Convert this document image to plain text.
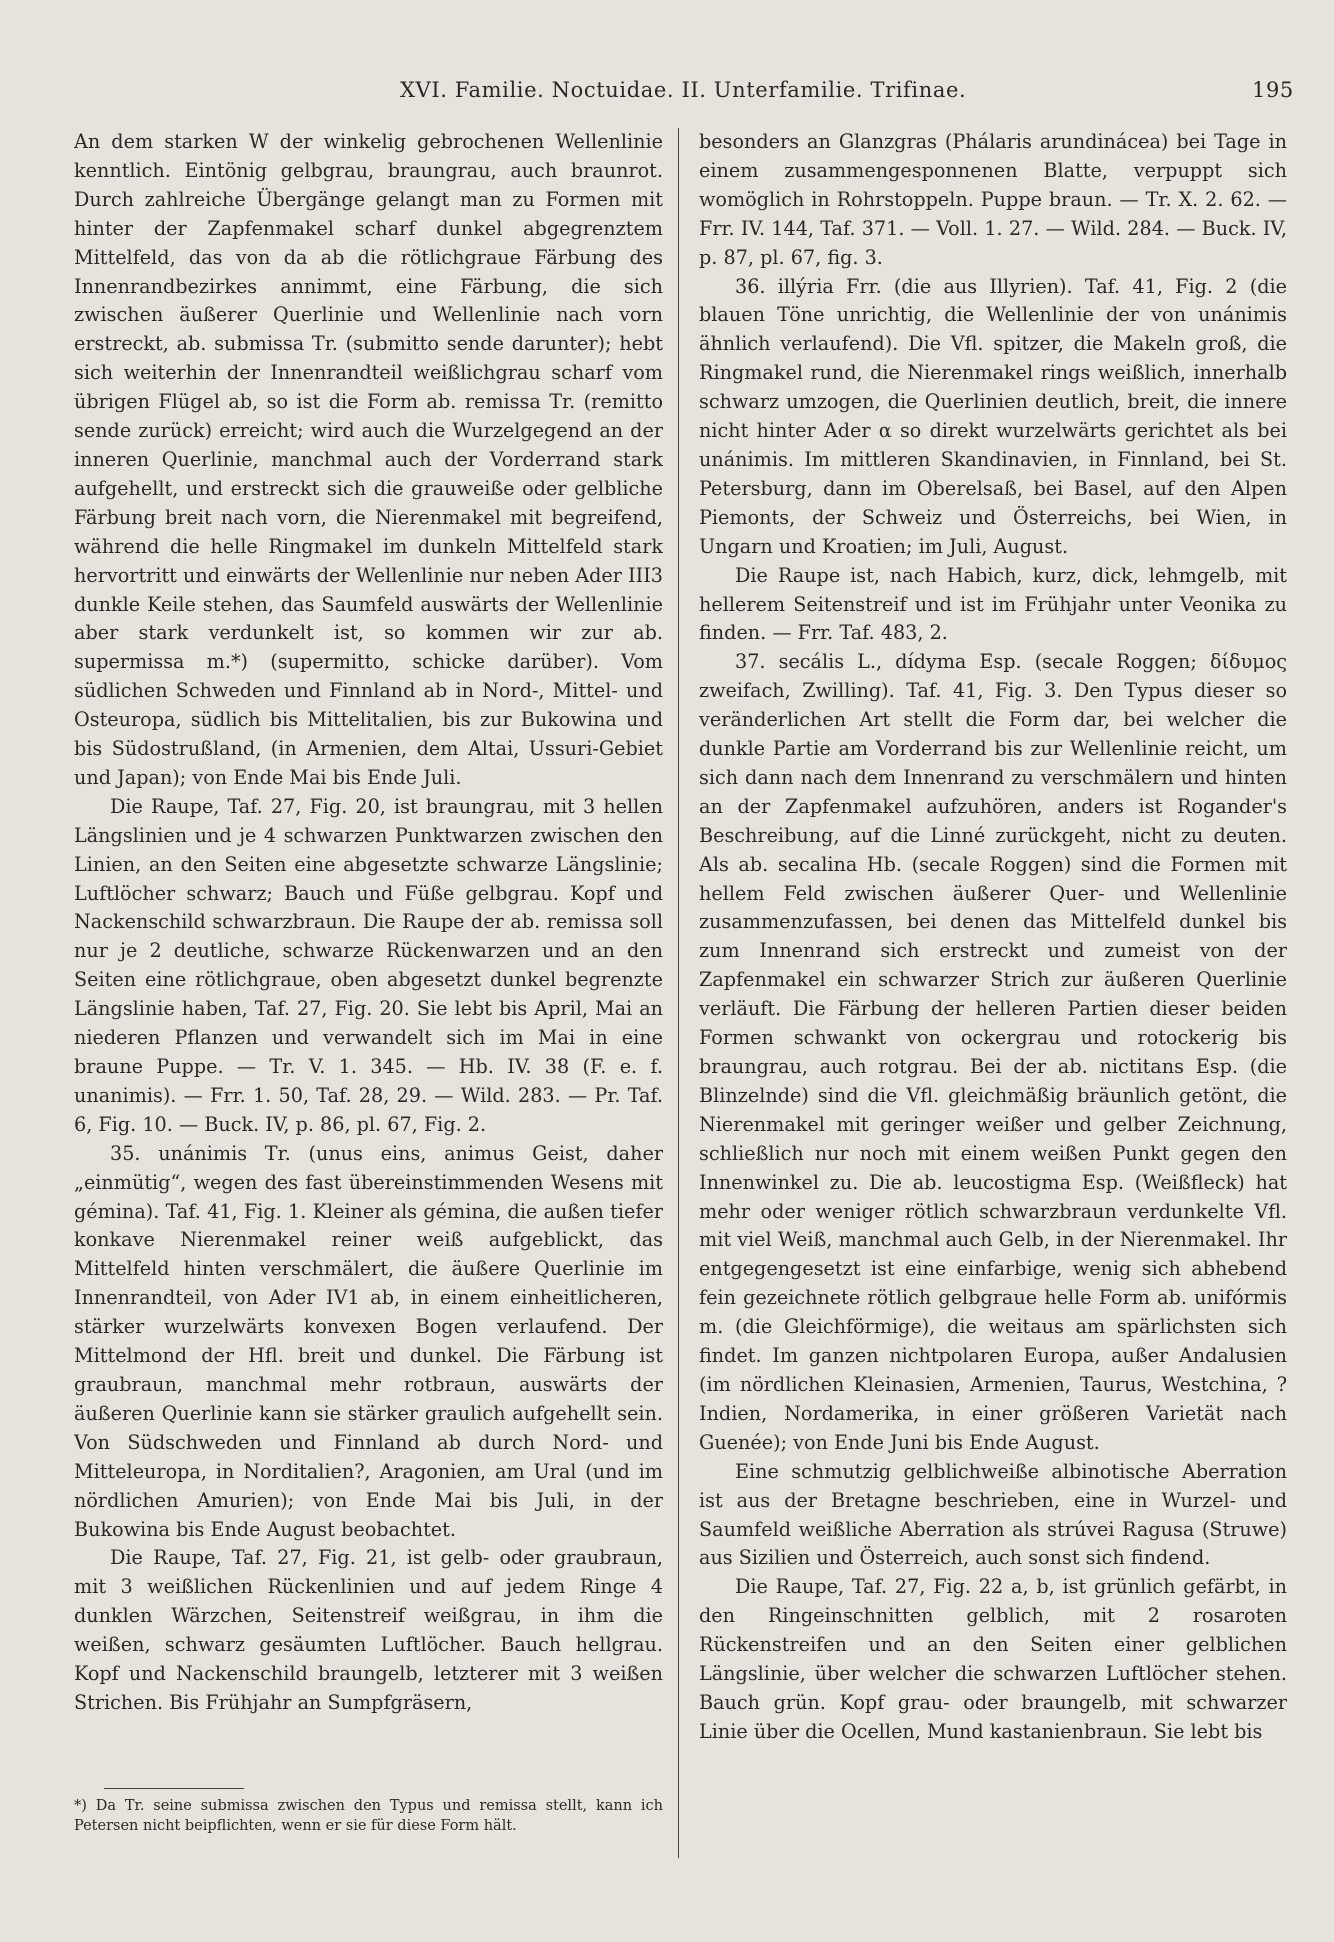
XVI. Familie. Noctuidae. II. Unterfamilie. Trifinae.	195

An dem starken W der winkelig gebrochenen Wellenlinie kenntlich. Eintönig gelbgrau, braungrau, auch braunrot. Durch zahlreiche Übergänge gelangt man zu Formen mit hinter der Zapfenmakel scharf dunkel abgegrenztem Mittelfeld, das von da ab die rötlichgraue Färbung des Innenrandbezirkes annimmt, eine Färbung, die sich zwischen äußerer Querlinie und Wellenlinie nach vorn erstreckt, ab. submissa Tr. (submitto sende darunter); hebt sich weiterhin der Innenrandteil weißlichgrau scharf vom übrigen Flügel ab, so ist die Form ab. remissa Tr. (remitto sende zurück) erreicht; wird auch die Wurzelgegend an der inneren Querlinie, manchmal auch der Vorderrand stark aufgehellt, und erstreckt sich die grauweiße oder gelbliche Färbung breit nach vorn, die Nierenmakel mit begreifend, während die helle Ringmakel im dunkeln Mittelfeld stark hervortritt und einwärts der Wellenlinie nur neben Ader III3 dunkle Keile stehen, das Saumfeld auswärts der Wellenlinie aber stark verdunkelt ist, so kommen wir zur ab. supermissa m.*) (supermitto, schicke darüber). Vom südlichen Schweden und Finnland ab in Nord-, Mittel- und Osteuropa, südlich bis Mittelitalien, bis zur Bukowina und bis Südostrußland, (in Armenien, dem Altai, Ussuri-Gebiet und Japan); von Ende Mai bis Ende Juli.

Die Raupe, Taf. 27, Fig. 20, ist braungrau, mit 3 hellen Längslinien und je 4 schwarzen Punktwarzen zwischen den Linien, an den Seiten eine abgesetzte schwarze Längslinie; Luftlöcher schwarz; Bauch und Füße gelbgrau. Kopf und Nackenschild schwarzbraun. Die Raupe der ab. remissa soll nur je 2 deutliche, schwarze Rückenwarzen und an den Seiten eine rötlichgraue, oben abgesetzt dunkel begrenzte Längslinie haben, Taf. 27, Fig. 20. Sie lebt bis April, Mai an niederen Pflanzen und verwandelt sich im Mai in eine braune Puppe. — Tr. V. 1. 345. — Hb. IV. 38 (F. e. f. unanimis). — Frr. 1. 50, Taf. 28, 29. — Wild. 283. — Pr. Taf. 6, Fig. 10. — Buck. IV, p. 86, pl. 67, Fig. 2.

35. unánimis Tr. (unus eins, animus Geist, daher „einmütig“, wegen des fast übereinstimmenden Wesens mit gémina). Taf. 41, Fig. 1. Kleiner als gémina, die außen tiefer konkave Nierenmakel reiner weiß aufgeblickt, das Mittelfeld hinten verschmälert, die äußere Querlinie im Innenrandteil, von Ader IV1 ab, in einem einheitlicheren, stärker wurzelwärts konvexen Bogen verlaufend. Der Mittelmond der Hfl. breit und dunkel. Die Färbung ist graubraun, manchmal mehr rotbraun, auswärts der äußeren Querlinie kann sie stärker graulich aufgehellt sein. Von Südschweden und Finnland ab durch Nord- und Mitteleuropa, in Norditalien?, Aragonien, am Ural (und im nördlichen Amurien); von Ende Mai bis Juli, in der Bukowina bis Ende August beobachtet.

Die Raupe, Taf. 27, Fig. 21, ist gelb- oder graubraun, mit 3 weißlichen Rückenlinien und auf jedem Ringe 4 dunklen Wärzchen, Seitenstreif weißgrau, in ihm die weißen, schwarz gesäumten Luftlöcher. Bauch hellgrau. Kopf und Nackenschild braungelb, letzterer mit 3 weißen Strichen. Bis Frühjahr an Sumpfgräsern,

besonders an Glanzgras (Phálaris arundinácea) bei Tage in einem zusammengesponnenen Blatte, verpuppt sich womöglich in Rohrstoppeln. Puppe braun. — Tr. X. 2. 62. — Frr. IV. 144, Taf. 371. — Voll. 1. 27. — Wild. 284. — Buck. IV, p. 87, pl. 67, fig. 3.

36. illýria Frr. (die aus Illyrien). Taf. 41, Fig. 2 (die blauen Töne unrichtig, die Wellenlinie der von unánimis ähnlich verlaufend). Die Vfl. spitzer, die Makeln groß, die Ringmakel rund, die Nierenmakel rings weißlich, innerhalb schwarz umzogen, die Querlinien deutlich, breit, die innere nicht hinter Ader α so direkt wurzelwärts gerichtet als bei unánimis. Im mittleren Skandinavien, in Finnland, bei St. Petersburg, dann im Oberelsaß, bei Basel, auf den Alpen Piemonts, der Schweiz und Österreichs, bei Wien, in Ungarn und Kroatien; im Juli, August.

Die Raupe ist, nach Habich, kurz, dick, lehmgelb, mit hellerem Seitenstreif und ist im Frühjahr unter Veonika zu finden. — Frr. Taf. 483, 2.

37. secális L., dídyma Esp. (secale Roggen; δίδυμος zweifach, Zwilling). Taf. 41, Fig. 3. Den Typus dieser so veränderlichen Art stellt die Form dar, bei welcher die dunkle Partie am Vorderrand bis zur Wellenlinie reicht, um sich dann nach dem Innenrand zu verschmälern und hinten an der Zapfenmakel aufzuhören, anders ist Rogander's Beschreibung, auf die Linné zurückgeht, nicht zu deuten. Als ab. secalina Hb. (secale Roggen) sind die Formen mit hellem Feld zwischen äußerer Quer- und Wellenlinie zusammenzufassen, bei denen das Mittelfeld dunkel bis zum Innenrand sich erstreckt und zumeist von der Zapfenmakel ein schwarzer Strich zur äußeren Querlinie verläuft. Die Färbung der helleren Partien dieser beiden Formen schwankt von ockergrau und rotockerig bis braungrau, auch rotgrau. Bei der ab. nictitans Esp. (die Blinzelnde) sind die Vfl. gleichmäßig bräunlich getönt, die Nierenmakel mit geringer weißer und gelber Zeichnung, schließlich nur noch mit einem weißen Punkt gegen den Innenwinkel zu. Die ab. leucostigma Esp. (Weißfleck) hat mehr oder weniger rötlich schwarzbraun verdunkelte Vfl. mit viel Weiß, manchmal auch Gelb, in der Nierenmakel. Ihr entgegengesetzt ist eine einfarbige, wenig sich abhebend fein gezeichnete rötlich gelbgraue helle Form ab. unifórmis m. (die Gleichförmige), die weitaus am spärlichsten sich findet. Im ganzen nichtpolaren Europa, außer Andalusien (im nördlichen Kleinasien, Armenien, Taurus, Westchina, ? Indien, Nordamerika, in einer größeren Varietät nach Guenée); von Ende Juni bis Ende August.

Eine schmutzig gelblichweiße albinotische Aberration ist aus der Bretagne beschrieben, eine in Wurzel- und Saumfeld weißliche Aberration als strúvei Ragusa (Struwe) aus Sizilien und Österreich, auch sonst sich findend.

Die Raupe, Taf. 27, Fig. 22 a, b, ist grünlich gefärbt, in den Ringeinschnitten gelblich, mit 2 rosaroten Rückenstreifen und an den Seiten einer gelblichen Längslinie, über welcher die schwarzen Luftlöcher stehen. Bauch grün. Kopf grau- oder braungelb, mit schwarzer Linie über die Ocellen, Mund kastanienbraun. Sie lebt bis

*) Da Tr. seine submissa zwischen den Typus und remissa stellt, kann ich Petersen nicht beipflichten, wenn er sie für diese Form hält.
